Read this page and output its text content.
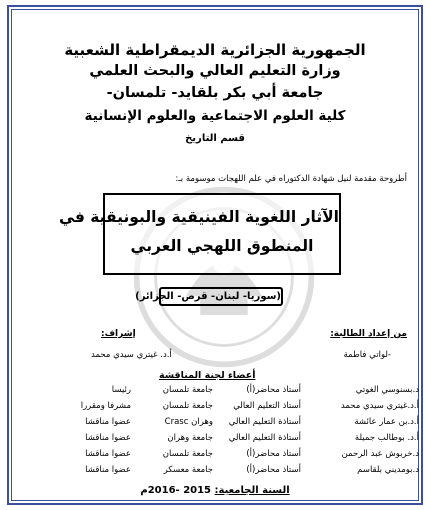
الجمهورية الجزائرية الديمقراطية الشعبية
وزارة التعليم العالي والبحث العلمي
جامعة أبي بكر بلقايد- تلمسان-
كلية العلوم الاجتماعية والعلوم الإنسانية
قسم التاريخ
أطروحة مقدمة لنيل شهادة الدكتوراه في علم اللهجات موسومة بـ:
الآثار اللغوية الفينيقية والبونيقية في
المنطوق اللهجي العربي
(سوريا- لبنان- قرص- الجزائر)
من إعداد الطالبة:
إشراف:
-لواتي فاطمة
أ.د. غيتري سيدي محمد
أعضاء لجنة المناقشة
د.بسنوسي الغوتي
أستاذ محاضر(أ)
جامعة تلمسان
رئيسا
أ.د.غيتري سيدي محمد
أستاذ التعليم العالي
جامعة تلمسان
مشرفا ومقررا
أ.د.بن عمار عائشة
أستاذة التعليم العالي
وهران Crasc
عضوا مناقشا
أ.د. بوطالب جميلة
أستاذة التعليم العالي
جامعة وهران
عضوا مناقشا
د.خربوش عبد الرحمن
أستاذ محاضر(أ)
جامعة تلمسان
عضوا مناقشا
د.بومديني بلقاسم
أستاذ محاضر(أ)
جامعة معسكر
عضوا مناقشا
السنة الجامعية: 2015 -2016م
